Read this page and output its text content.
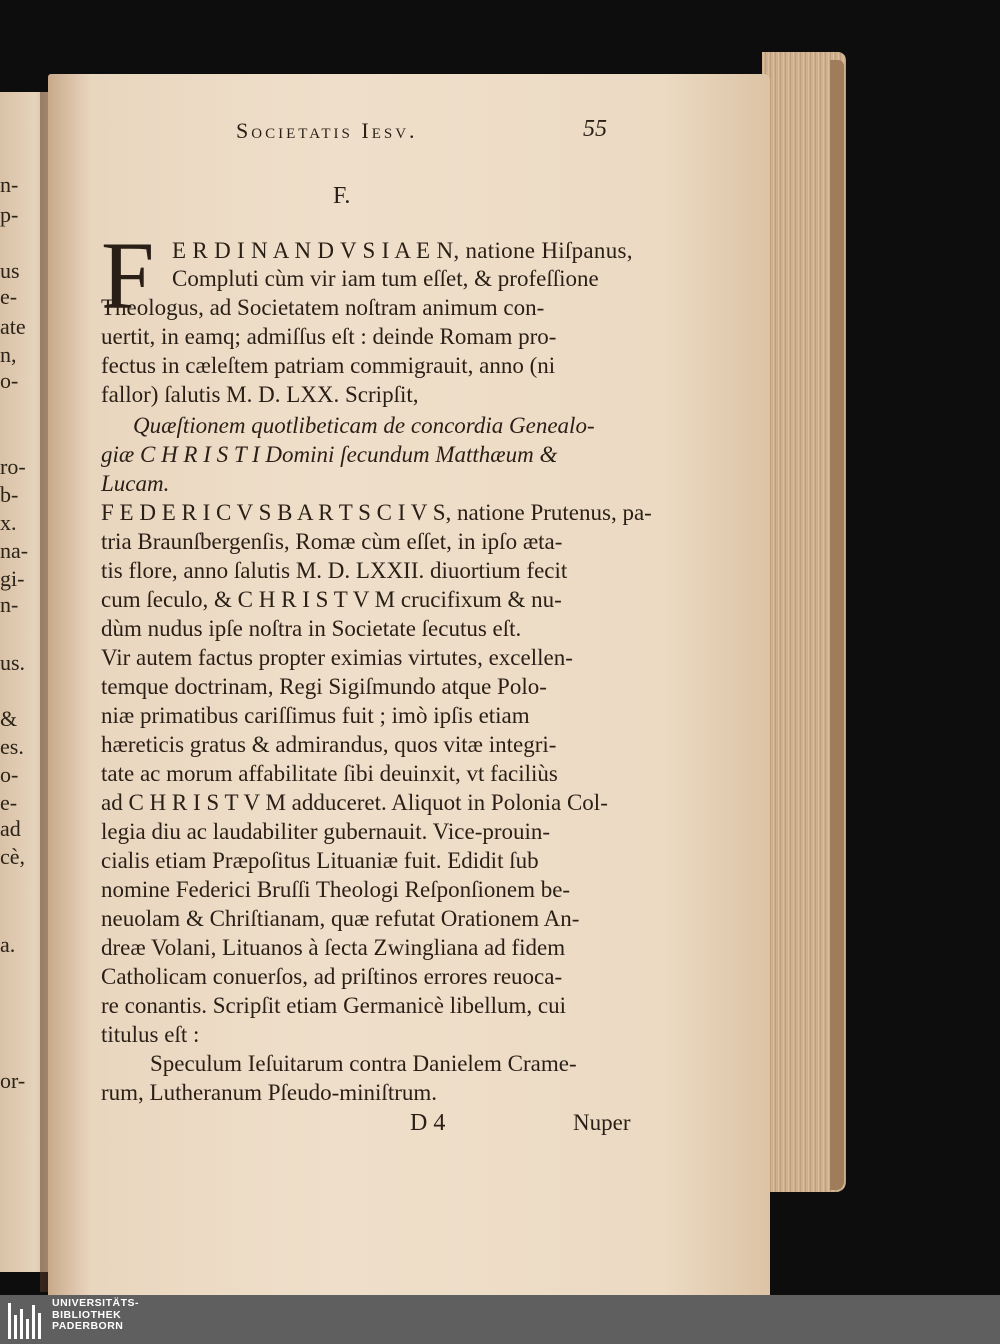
n-
p-
us
e-
ate
n,
o-
ro-
b-
x.
na-
gi-
n-
us.
&
es.
o-
e-
ad
cè,
a.
or-
Societatis Iesv.	55
F.
F E R D I N A N D V S I A E N, natione Hiſpanus,
Compluti cùm vir iam tum eſſet, & profeſſione
Theologus, ad Societatem noſtram animum con-
uertit, in eamq; admiſſus eſt : deinde Romam pro-
fectus in cæleſtem patriam commigrauit, anno (ni
fallor) ſalutis M. D. LXX. Scripſit,
Quæſtionem quotlibeticam de concordia Genealo-
giæ C H R I S T I Domini ſecundum Matthæum &
Lucam.
F E D E R I C V S B A R T S C I V S, natione Prutenus, pa-
tria Braunſbergenſis, Romæ cùm eſſet, in ipſo æta-
tis flore, anno ſalutis M. D. LXXII. diuortium fecit
cum ſeculo, & C H R I S T V M crucifixum & nu-
dùm nudus ipſe noſtra in Societate ſecutus eſt.
Vir autem factus propter eximias virtutes, excellen-
temque doctrinam, Regi Sigiſmundo atque Polo-
niæ primatibus cariſſimus fuit ; imò ipſis etiam
hæreticis gratus & admirandus, quos vitæ integri-
tate ac morum affabilitate ſibi deuinxit, vt faciliùs
ad C H R I S T V M adduceret. Aliquot in Polonia Col-
legia diu ac laudabiliter gubernauit. Vice-prouin-
cialis etiam Præpoſitus Lituaniæ fuit. Edidit ſub
nomine Federici Bruſſi Theologi Reſponſionem be-
neuolam & Chriſtianam, quæ refutat Orationem An-
dreæ Volani, Lituanos à ſecta Zwingliana ad fidem
Catholicam conuerſos, ad priſtinos errores reuoca-
re conantis. Scripſit etiam Germanicè libellum, cui
titulus eſt :
Speculum Ieſuitarum contra Danielem Crame-
rum, Lutheranum Pſeudo-miniſtrum.
D 4	Nuper
UNIVERSITÄTS-
BIBLIOTHEK
PADERBORN
